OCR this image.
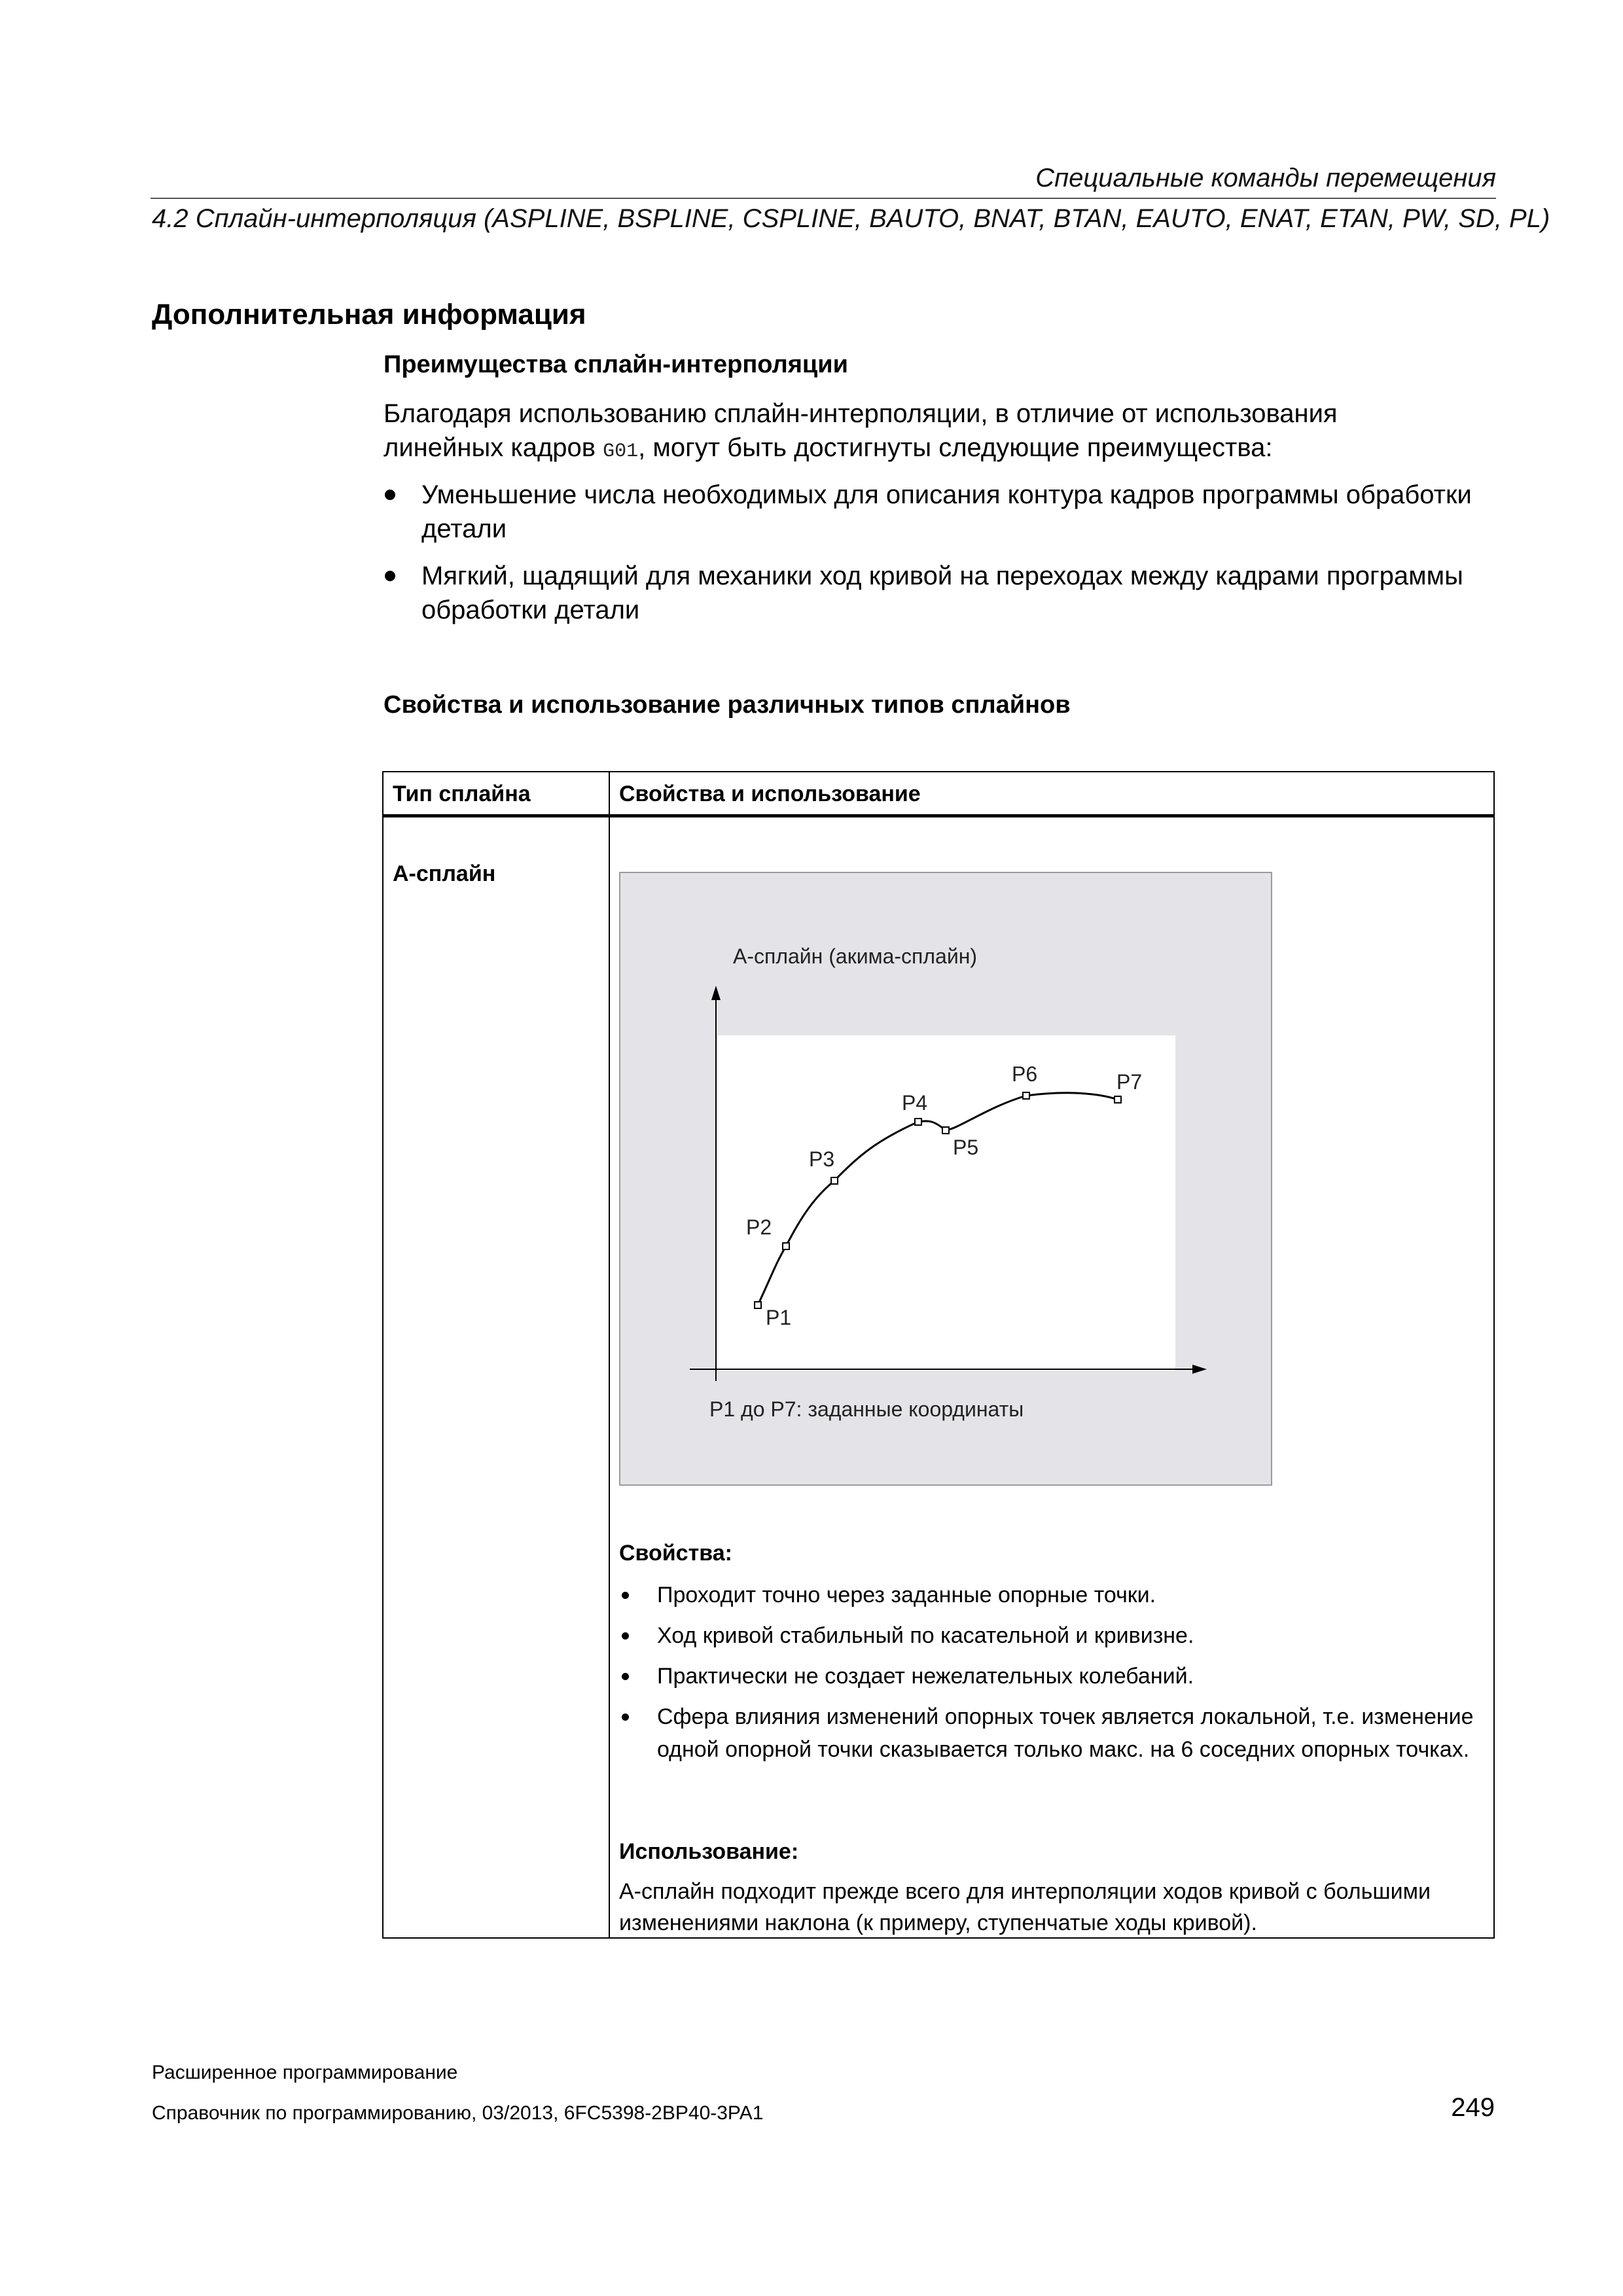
Специальные команды перемещения
4.2 Сплайн-интерполяция (ASPLINE, BSPLINE, CSPLINE, BAUTO, BNAT, BTAN, EAUTO, ENAT, ETAN, PW, SD, PL)
Дополнительная информация
Преимущества сплайн-интерполяции
Благодаря использованию сплайн-интерполяции, в отличие от использования
линейных кадров G01, могут быть достигнуты следующие преимущества:
Уменьшение числа необходимых для описания контура кадров программы обработки детали
Мягкий, щадящий для механики ход кривой на переходах между кадрами программы обработки детали
Свойства и использование различных типов сплайнов
Тип сплайна	Свойства и использование
A-сплайн
P1
P2
P3
P4
P5
P6	P7
A-сплайн (акима-сплайн)
P1 до P7: заданные координаты
Свойства:
Проходит точно через заданные опорные точки.
Ход кривой стабильный по касательной и кривизне.
Практически не создает нежелательных колебаний.
Сфера влияния изменений опорных точек является локальной, т.е. изменение одной опорной точки сказывается только макс. на 6 соседних опорных точках.
Использование:
A-сплайн подходит прежде всего для интерполяции ходов кривой с большими изменениями наклона (к примеру, ступенчатые ходы кривой).
Расширенное программирование
Справочник по программированию, 03/2013, 6FC5398-2BP40-3PA1	249
